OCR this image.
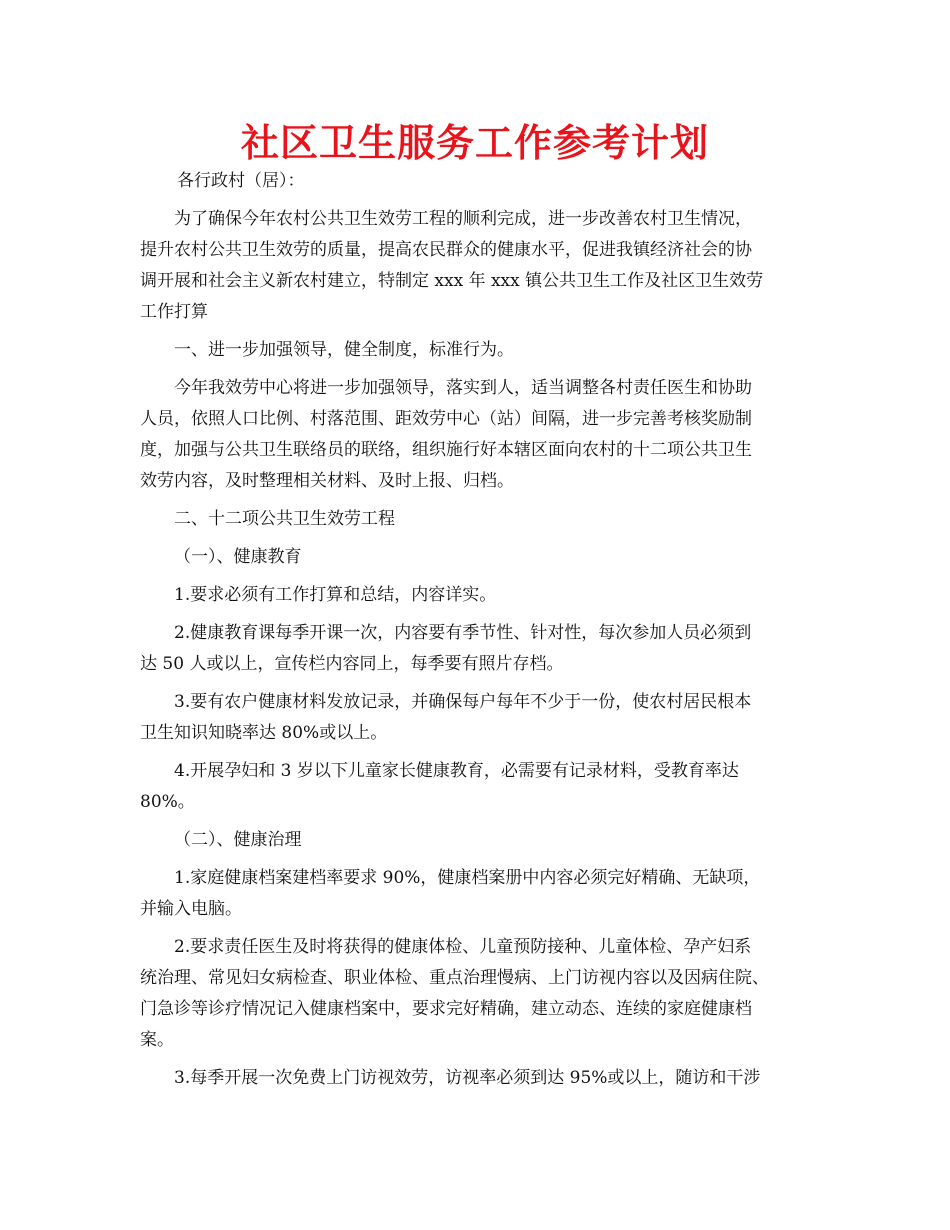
社区卫生服务工作参考计划
各行政村（居）：
为了确保今年农村公共卫生效劳工程的顺利完成，进一步改善农村卫生情况，
提升农村公共卫生效劳的质量，提高农民群众的健康水平，促进我镇经济社会的协
调开展和社会主义新农村建立，特制定 xxx 年 xxx 镇公共卫生工作及社区卫生效劳
工作打算
一、进一步加强领导，健全制度，标准行为。
今年我效劳中心将进一步加强领导，落实到人，适当调整各村责任医生和协助
人员，依照人口比例、村落范围、距效劳中心（站）间隔，进一步完善考核奖励制
度，加强与公共卫生联络员的联络，组织施行好本辖区面向农村的十二项公共卫生
效劳内容，及时整理相关材料、及时上报、归档。
二、十二项公共卫生效劳工程
（一）、健康教育
1.要求必须有工作打算和总结，内容详实。
2.健康教育课每季开课一次，内容要有季节性、针对性，每次参加人员必须到
达 50 人或以上，宣传栏内容同上，每季要有照片存档。
3.要有农户健康材料发放记录，并确保每户每年不少于一份，使农村居民根本
卫生知识知晓率达 80%或以上。
4.开展孕妇和 3 岁以下儿童家长健康教育，必需要有记录材料，受教育率达
80%。
（二）、健康治理
1.家庭健康档案建档率要求 90%，健康档案册中内容必须完好精确、无缺项，
并输入电脑。
2.要求责任医生及时将获得的健康体检、儿童预防接种、儿童体检、孕产妇系
统治理、常见妇女病检查、职业体检、重点治理慢病、上门访视内容以及因病住院、
门急诊等诊疗情况记入健康档案中，要求完好精确，建立动态、连续的家庭健康档
案。
3.每季开展一次免费上门访视效劳，访视率必须到达 95%或以上，随访和干涉
